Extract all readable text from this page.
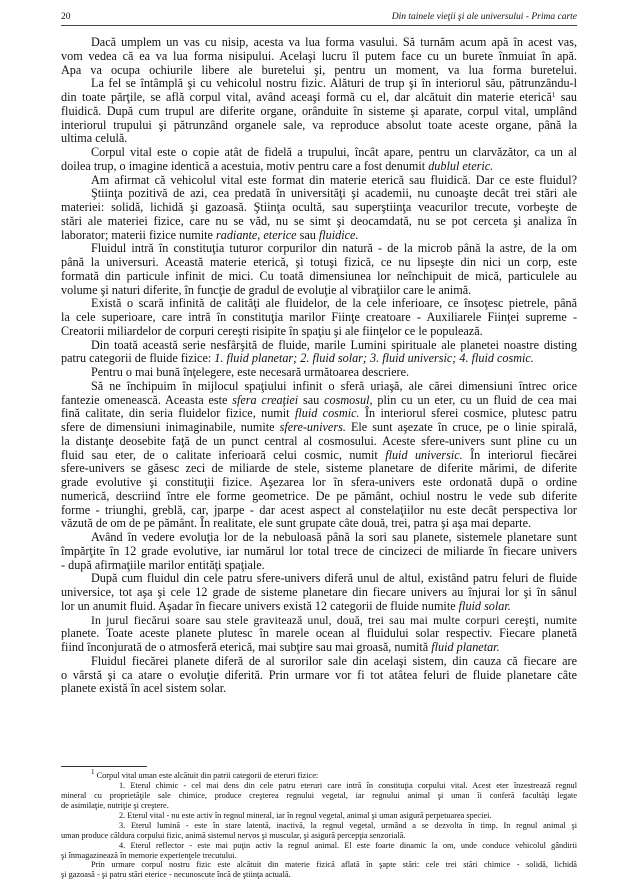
20	Din tainele vieţii şi ale universului - Prima carte
Dacă umplem un vas cu nisip, acesta va lua forma vasului. Să turnăm acum apă în acest vas,
vom vedea că ea va lua forma nisipului. Acelaşi lucru îl putem face cu un burete înmuiat în apă.
Apa va ocupa ochiurile libere ale buretelui şi, pentru un moment, va lua forma buretelui.
La fel se întâmplă şi cu vehicolul nostru fizic. Alături de trup şi în interiorul său, pătrunzându-l
din toate părţile, se află corpul vital, având aceaşi formă cu el, dar alcătuit din materie eterică$^1$ sau
fluidică. După cum trupul are diferite organe, orânduite în sisteme şi aparate, corpul vital, umplând
interiorul trupului şi pătrunzând organele sale, va reproduce absolut toate aceste organe, până la
ultima celulă.
Corpul vital este o copie atât de fidelă a trupului, încât apare, pentru un clarvăzător, ca un al
doilea trup, o imagine identică a acestuia, motiv pentru care a fost denumit dublul eteric.
Am afirmat că vehicolul vital este format din materie eterică sau fluidică. Dar ce este fluidul?
Ştiinţa pozitivă de azi, cea predată în universităţi şi academii, nu cunoaşte decât trei stări ale
materiei: solidă, lichidă şi gazoasă. Ştiinţa ocultă, sau superştiinţa veacurilor trecute, vorbeşte de
stări ale materiei fizice, care nu se văd, nu se simt şi deocamdată, nu se pot cerceta şi analiza în
laborator; materii fizice numite radiante, eterice sau fluidice.
Fluidul intră în constituţia tuturor corpurilor din natură - de la microb până la astre, de la om
până la universuri. Această materie eterică, şi totuşi fizică, ce nu lipseşte din nici un corp, este
formată din particule infinit de mici. Cu toată dimensiunea lor neînchipuit de mică, particulele au
volume şi naturi diferite, în funcţie de gradul de evoluţie al vibraţiilor care le animă.
Există o scară infinită de calităţi ale fluidelor, de la cele inferioare, ce însoţesc pietrele, până
la cele superioare, care intră în constituţia marilor Fiinţe creatoare - Auxiliarele Fiinţei supreme -
Creatorii miliardelor de corpuri cereşti risipite în spaţiu şi ale fiinţelor ce le populează.
Din toată această serie nesfârşită de fluide, marile Lumini spirituale ale planetei noastre disting
patru categorii de fluide fizice: 1. fluid planetar; 2. fluid solar; 3. fluid universic; 4. fluid cosmic.
Pentru o mai bună înţelegere, este necesară următoarea descriere.
Să ne închipuim în mijlocul spaţiului infinit o sferă uriaşă, ale cărei dimensiuni întrec orice
fantezie omenească. Aceasta este sfera creaţiei sau cosmosul, plin cu un eter, cu un fluid de cea mai
fină calitate, din seria fluidelor fizice, numit fluid cosmic. În interiorul sferei cosmice, plutesc patru
sfere de dimensiuni inimaginabile, numite sfere-univers. Ele sunt aşezate în cruce, pe o linie spirală,
la distanţe deosebite faţă de un punct central al cosmosului. Aceste sfere-univers sunt pline cu un
fluid sau eter, de o calitate inferioară celui cosmic, numit fluid universic. În interiorul fiecărei
sfere-univers se găsesc zeci de miliarde de stele, sisteme planetare de diferite mărimi, de diferite
grade evolutive şi constituţii fizice. Aşezarea lor în sfera-univers este ordonată după o ordine
numerică, descriind între ele forme geometrice. De pe pământ, ochiul nostru le vede sub diferite
forme - triunghi, greblă, car, jparpe - dar acest aspect al constelaţiilor nu este decât perspectiva lor
văzută de om de pe pământ. În realitate, ele sunt grupate câte două, trei, patra şi aşa mai departe.
Având în vedere evoluţia lor de la nebuloasă până la sori sau planete, sistemele planetare sunt
împărţite în 12 grade evolutive, iar numărul lor total trece de cincizeci de miliarde în fiecare univers
- după afirmaţiile marilor entităţi spaţiale.
După cum fluidul din cele patru sfere-univers diferă unul de altul, existând patru feluri de fluide
universice, tot aşa şi cele 12 grade de sisteme planetare din fiecare univers au înjurai lor şi în sânul
lor un anumit fluid. Aşadar în fiecare univers există 12 categorii de fluide numite fluid solar.
In jurul fiecărui soare sau stele gravitează unul, două, trei sau mai multe corpuri cereşti, numite
planete. Toate aceste planete plutesc în marele ocean al fluidului solar respectiv. Fiecare planetă
fiind înconjurată de o atmosferă eterică, mai subţire sau mai groasă, numită fluid planetar.
Fluidul fiecărei planete diferă de al surorilor sale din acelaşi sistem, din cauza că fiecare are
o vârstă şi ca atare o evoluţie diferită. Prin urmare vor fi tot atâtea feluri de fluide planetare câte
planete există în acel sistem solar.
$^1$ Corpul vital uman este alcătuit din patrii categorii de eteruri fizice:
1. Eterul chimic - cel mai dens din cele patru eteruri care intră în constituţia corpului vital. Acest eter înzestrează regnul
mineral cu proprietăţile sale chimice, produce creşterea regnului vegetal, iar regnului animal şi uman îi conferă facultăţi legate
de asimilaţie, nutriţie şi creştere.
2. Eterul vital - nu este activ în regnul mineral, iar în regnul vegetal, animal şi uman asigură perpetuarea speciei.
3. Eterul lumină - este în stare latentă, inactivă, la regnul vegetal, urmând a se dezvolta în timp. In regnul animal şi
uman produce căldura corpului fizic, animă sistemul nervos şi muscular, şi asigură percepţia senzorială.
4. Eterul reflector - este mai puţin activ la regnul animal. El este foarte dinamic la om, unde conduce vehicolul gândirii
şi înmagazinează în memorie experienţele trecutului.
Prin urmare corpul nostru fizic este alcătuit din materie fizică aflată în şapte stări: cele trei stări chimice - solidă, lichidă
şi gazoasă - şi patru stări eterice - necunoscute încă de ştiinţa actuală.
